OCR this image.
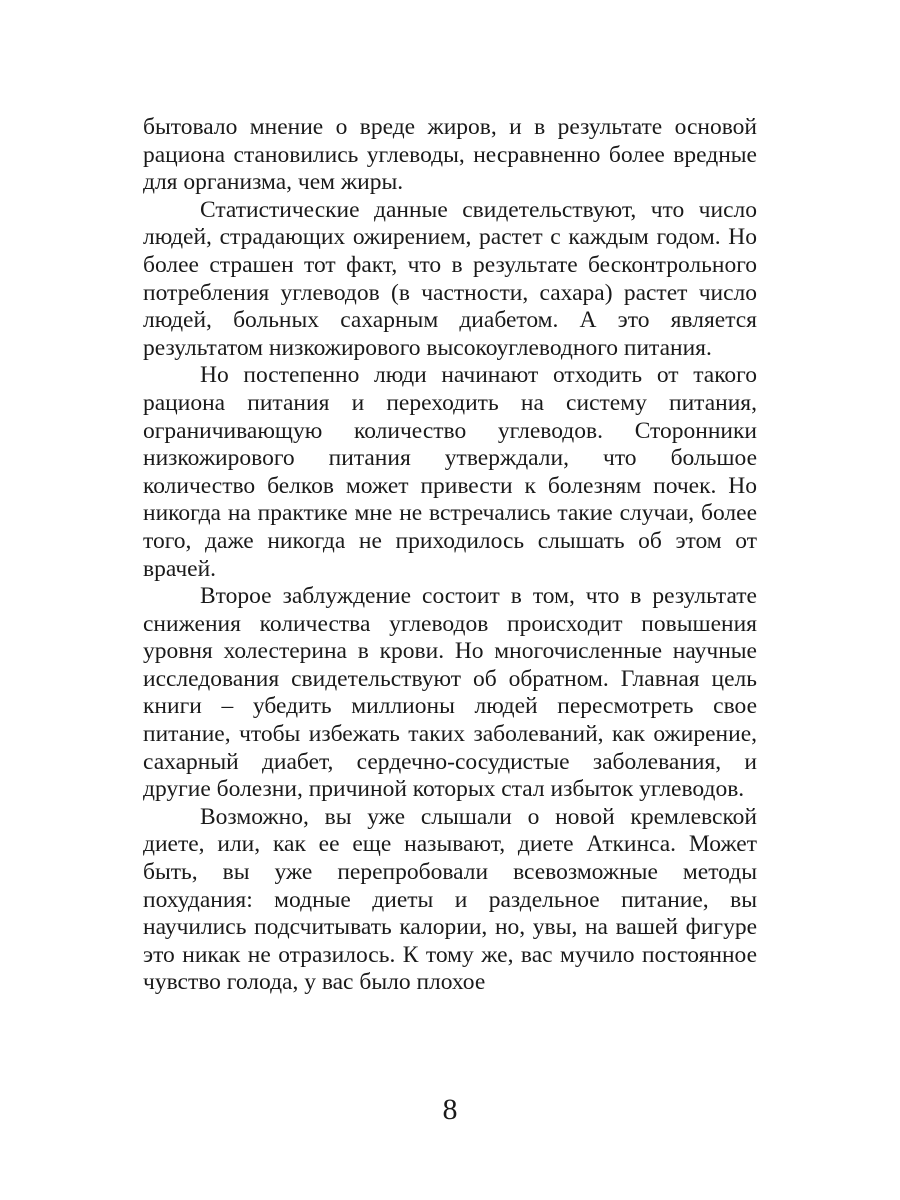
бытовало мнение о вреде жиров, и в результате основой рациона становились углеводы, несравненно более вредные для организма, чем жиры.

Статистические данные свидетельствуют, что число людей, страдающих ожирением, растет с каждым годом. Но более страшен тот факт, что в результате бесконтрольного потребления углеводов (в частности, сахара) растет число людей, больных сахарным диабетом. А это является результатом низкожирового высокоуглеводного питания.

Но постепенно люди начинают отходить от такого рациона питания и переходить на систему питания, ограничивающую количество углеводов. Сторонники низкожирового питания утверждали, что большое количество белков может привести к болезням почек. Но никогда на практике мне не встречались такие случаи, более того, даже никогда не приходилось слышать об этом от врачей.

Второе заблуждение состоит в том, что в результате снижения количества углеводов происходит повышения уровня холестерина в крови. Но многочисленные научные исследования свидетельствуют об обратном. Главная цель книги – убедить миллионы людей пересмотреть свое питание, чтобы избежать таких заболеваний, как ожирение, сахарный диабет, сердечно-сосудистые заболевания, и другие болезни, причиной которых стал избыток углеводов.

Возможно, вы уже слышали о новой кремлевской диете, или, как ее еще называют, диете Аткинса. Может быть, вы уже перепробовали всевозможные методы похудания: модные диеты и раздельное питание, вы научились подсчитывать калории, но, увы, на вашей фигуре это никак не отразилось. К тому же, вас мучило постоянное чувство голода, у вас было плохое

8
